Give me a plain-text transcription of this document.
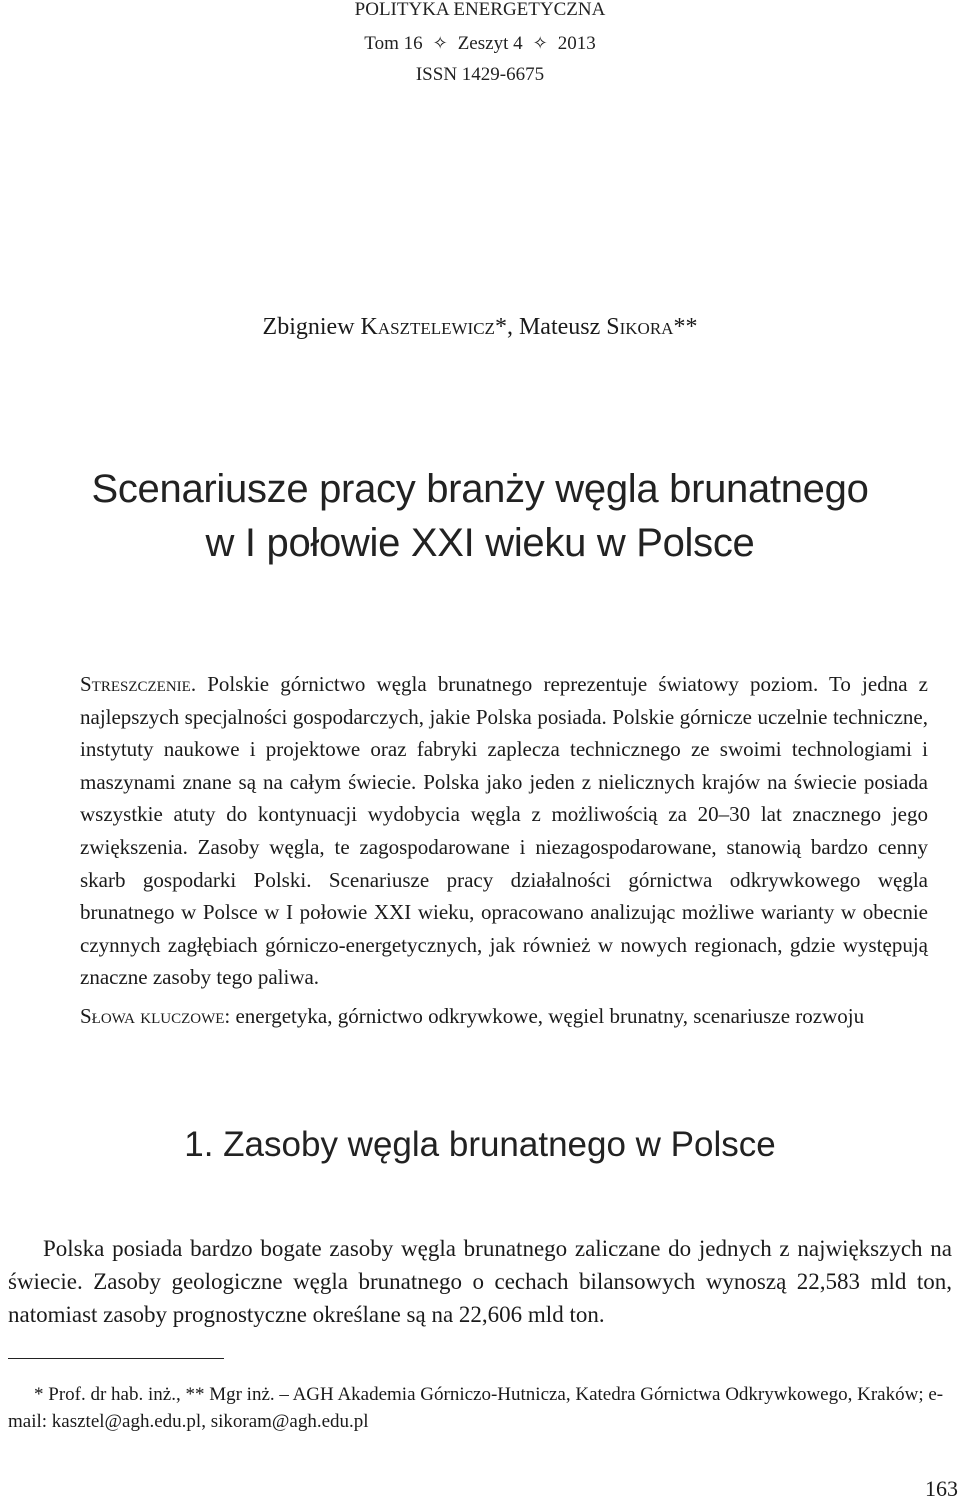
POLITYKA ENERGETYCZNA
Tom 16 ✧ Zeszyt 4 ✧ 2013
ISSN 1429-6675
Zbigniew Kasztelewicz*, Mateusz Sikora**
Scenariusze pracy branży węgla brunatnego
w I połowie XXI wieku w Polsce
Streszczenie. Polskie górnictwo węgla brunatnego reprezentuje światowy poziom. To jedna z najlepszych specjalności gospodarczych, jakie Polska posiada. Polskie górnicze uczelnie techniczne, instytuty naukowe i projektowe oraz fabryki zaplecza technicznego ze swoimi technologiami i maszynami znane są na całym świecie. Polska jako jeden z nielicznych krajów na świecie posiada wszystkie atuty do kontynuacji wydobycia węgla z możliwością za 20–30 lat znacznego jego zwiększenia. Zasoby węgla, te zagospodarowane i niezagospodarowane, stanowią bardzo cenny skarb gospodarki Polski. Scenariusze pracy działalności górnictwa odkrywkowego węgla brunatnego w Polsce w I połowie XXI wieku, opracowano analizując możliwe warianty w obecnie czynnych zagłębiach górniczo-energetycznych, jak również w nowych regionach, gdzie występują znaczne zasoby tego paliwa.
Słowa kluczowe: energetyka, górnictwo odkrywkowe, węgiel brunatny, scenariusze rozwoju
1. Zasoby węgla brunatnego w Polsce
Polska posiada bardzo bogate zasoby węgla brunatnego zaliczane do jednych z największych na świecie. Zasoby geologiczne węgla brunatnego o cechach bilansowych wynoszą 22,583 mld ton, natomiast zasoby prognostyczne określane są na 22,606 mld ton.
* Prof. dr hab. inż., ** Mgr inż. – AGH Akademia Górniczo-Hutnicza, Katedra Górnictwa Odkrywkowego, Kraków; e-mail: kasztel@agh.edu.pl, sikoram@agh.edu.pl
163
